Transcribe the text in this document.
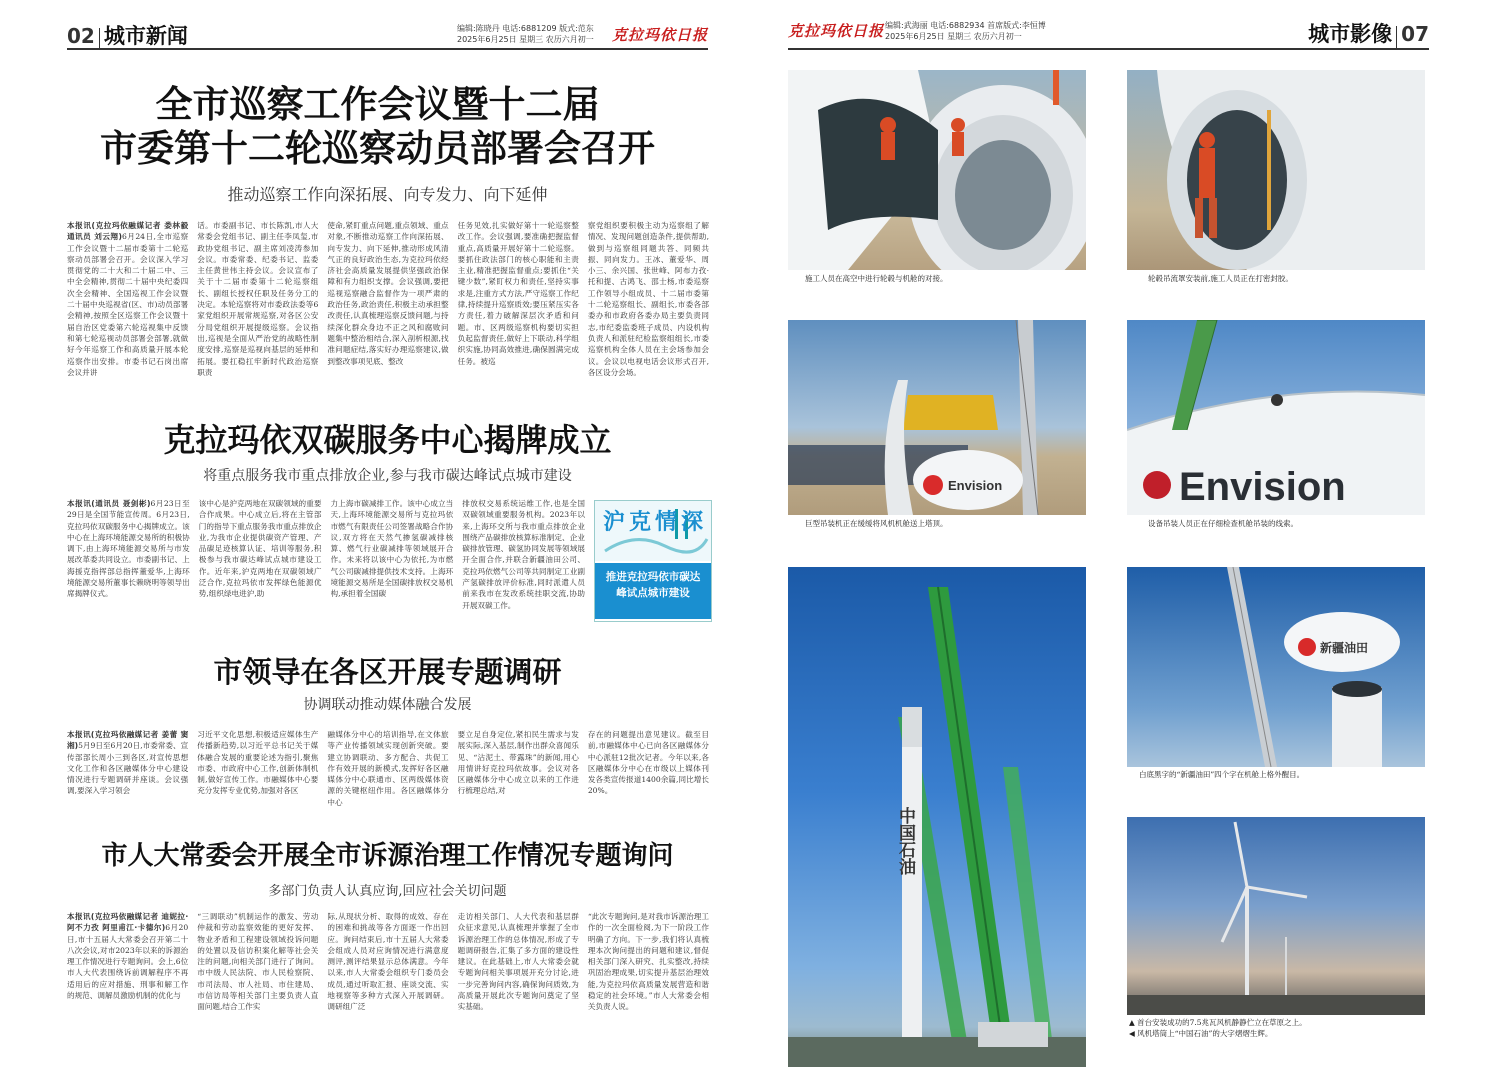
02 城市新闻	编辑:陈晓丹 电话:6881209 版式:范东
2025年6月25日 星期三 农历六月初一 克拉玛依日报
全市巡察工作会议暨十二届
市委第十二轮巡察动员部署会召开
推动巡察工作向深拓展、向专发力、向下延伸
本报讯(克拉玛依融媒记者 娄林毅 通讯员 刘云翔)6月24日,全市巡察工作会议暨十二届市委第十二轮巡察动员部署会召开。会议深入学习贯彻党的二十大和二十届二中、三中全会精神,贯彻二十届中央纪委四次全会精神、全国巡视工作会议暨二十届中央巡视省(区、市)动员部署会精神,按照全区巡察工作会议暨十届自治区党委第六轮巡视集中反馈和第七轮巡视动员部署会部署,就做好今年巡察工作和高质量开展本轮巡察作出安排。市委书记石岗出席会议并讲
话。市委副书记、市长陈凯,市人大常委会党组书记、副主任李凤玺,市政协党组书记、副主席刘凌涛参加会议。市委常委、纪委书记、监委主任黄世伟主持会议。会议宣布了关于十二届市委第十二轮巡察组长、副组长授权任职及任务分工的决定。本轮巡察将对市委政法委等6家党组织开展常规巡察,对各区公安分局党组织开展提级巡察。会议指出,巡视是全面从严治党的战略性制度安排,巡察是巡视向基层的延伸和拓展。要扛稳扛牢新时代政治巡察职责
使命,紧盯重点问题,重点领域、重点对象,不断推动巡察工作向深拓展、向专发力、向下延伸,推动形成风清气正的良好政治生态,为克拉玛依经济社会高质量发展提供坚强政治保障和有力组织支撑。会议强调,要把巡视巡察融合监督作为一项严肃的政治任务,政治责任,积极主动承担整改责任,认真梳理巡察反馈问题,与持续深化群众身边不正之风和腐败问题集中整治相结合,深入剖析根源,找准问题症结,落实好办理巡察建议,做到整改事项见底、整改
任务见效,扎实做好第十一轮巡察整改工作。会议强调,要准确把握监督重点,高质量开展好第十二轮巡察。要抓住政法部门的核心职能和主责主业,精准把握监督重点;要抓住“关键少数”,紧盯权力和责任,坚持实事求是,注重方式方法,严守巡察工作纪律,持续提升巡察质效;要压紧压实各方责任,着力破解深层次矛盾和问题。市、区两级巡察机构要切实担负起监督责任,做好上下联动,科学组织实施,协同高效推进,确保圆满完成任务。被巡
察党组织要积极主动为巡察组了解情况、发现问题创造条件,提供帮助,做到与巡察组同题共答、同频共振、同向发力。王冰、董爱华、周小三、余兴国、张世峰、阿布力孜·托和提、古鸿飞、邵士杨,市委巡察工作领导小组成员、十二届市委第十二轮巡察组长、副组长,市委各部委办和市政府各委办局主要负责同志,市纪委监委班子成员、内设机构负责人和派驻纪检监察组组长,市委巡察机构全体人员在主会场参加会议。会议以电视电话会议形式召开,各区设分会场。
克拉玛依双碳服务中心揭牌成立
将重点服务我市重点排放企业,参与我市碳达峰试点城市建设
本报讯(通讯员 聂剑彬)6月23日至29日是全国节能宣传周。6月23日,克拉玛依双碳服务中心揭牌成立。该中心在上海环境能源交易所的积极协调下,由上海环境能源交易所与市发展改革委共同设立。市委副书记、上海援克指挥部总指挥董爱华,上海环境能源交易所董事长赖晓明等领导出席揭牌仪式。
该中心是沪克两地在双碳领域的重要合作成果。中心成立后,将在主管部门的指导下重点服务我市重点排放企业,为我市企业提供碳资产管理、产品碳足迹核算认证、培训等服务,积极参与我市碳达峰试点城市建设工作。近年来,沪克两地在双碳领域广泛合作,克拉玛依市发挥绿色能源优势,组织绿电进沪,助
力上海市碳减排工作。该中心成立当天,上海环境能源交易所与克拉玛依市燃气有限责任公司签署战略合作协议,双方将在天然气掺氢碳减排核算、燃气行业碳减排等领域展开合作。未来将以该中心为依托,为市燃气公司碳减排提供技术支持。上海环境能源交易所是全国碳排放权交易机构,承担着全国碳
排放权交易系统运维工作,也是全国双碳领域重要服务机构。2023年以来,上海环交所与我市重点排放企业围绕产品碳排放核算标准制定、企业碳排放管理、碳氢协同发展等领域展开全面合作,并联合新疆油田公司、克拉玛依燃气公司等共同制定工业副产氢碳排放评价标准,同时派遣人员前来我市在发改系统挂职交流,协助开展双碳工作。
沪克情深
推进克拉玛依市碳达峰试点城市建设
市领导在各区开展专题调研
协调联动推动媒体融合发展
本报讯(克拉玛依融媒记者 姜蕾 窦湘)5月9日至6月20日,市委常委、宣传部部长周小三到各区,对宣传思想文化工作和各区融媒体分中心建设情况进行专题调研并座谈。会议强调,要深入学习领会
习近平文化思想,积极适应媒体生产传播新趋势,以习近平总书记关于媒体融合发展的重要论述为指引,聚焦市委、市政府中心工作,创新体制机制,做好宣传工作。市融媒体中心要充分发挥专业优势,加强对各区
融媒体分中心的培训指导,在文体旅等产业传播领域实现创新突破。要建立协调联动、多方配合、共促工作有效开展的新模式,发挥好各区融媒体分中心联通市、区两级媒体资源的关键枢纽作用。各区融媒体分中心
要立足自身定位,紧扣民生需求与发展实际,深入基层,制作出群众喜闻乐见、“沾泥土、带露珠”的新闻,用心用情讲好克拉玛依故事。会议对各区融媒体分中心成立以来的工作进行梳理总结,对
存在的问题提出意见建议。截至目前,市融媒体中心已向各区融媒体分中心派驻12批次记者。今年以来,各区融媒体分中心在市级以上媒体刊发各类宣传报道1400余篇,同比增长20%。
市人大常委会开展全市诉源治理工作情况专题询问
多部门负责人认真应询,回应社会关切问题
本报讯(克拉玛依融媒记者 迪妮拉·阿不力孜 阿里甫江·卡德尔)6月20日,市十五届人大常委会召开第二十八次会议,对市2023年以来的诉源治理工作情况进行专题询问。会上,6位市人大代表围绕诉前调解程序不再适用后的应对措施、刑事和解工作的规范、调解员激励机制的优化与
“三调联动”机制运作的激发、劳动仲裁和劳动监察效能的更好发挥、物业矛盾和工程建设领域投诉问题的处置以及信访积案化解等社会关注的问题,向相关部门进行了询问。市中级人民法院、市人民检察院、市司法局、市人社局、市住建局、市信访局等相关部门主要负责人直面问题,结合工作实
际,从现状分析、取得的成效、存在的困难和挑战等各方面逐一作出回应。询问结束后,市十五届人大常委会组成人员对应询情况进行满意度测评,测评结果显示总体满意。今年以来,市人大常委会组织专门委员会成员,通过听取汇报、座谈交流、实地视察等多种方式深入开展调研。调研组广泛
走访相关部门、人大代表和基层群众征求意见,认真梳理并掌握了全市诉源治理工作的总体情况,形成了专题调研报告,汇集了多方面的建设性建议。在此基础上,市人大常委会就专题询问相关事项展开充分讨论,进一步完善询问内容,确保询问质效,为高质量开展此次专题询问奠定了坚实基础。
“此次专题询问,是对我市诉源治理工作的一次全面检阅,为下一阶段工作明确了方向。下一步,我们将认真梳理本次询问提出的问题和建议,督促相关部门深入研究、扎实整改,持续巩固治理成果,切实提升基层治理效能,为克拉玛依高质量发展营造和谐稳定的社会环境。”市人大常委会相关负责人说。
克拉玛依日报 编辑:武海丽 电话:6882934 首席版式:李恒博
2025年6月25日 星期三 农历六月初一	城市影像 07
施工人员在高空中进行轮毂与机舱的对接。	轮毂吊流罩安装前,施工人员正在打密封胶。
Envision
巨型吊装机正在缓缓将风机机舱送上塔顶。
Envision
设备吊装人员正在仔细检查机舱吊装的线索。
中国石油
新疆油田
白底黑字的“新疆油田”四个字在机舱上格外醒目。
▲ 首台安装成功的7.5兆瓦风机静静伫立在草原之上。
◀ 风机塔筒上“中国石油”的大字熠熠生辉。
